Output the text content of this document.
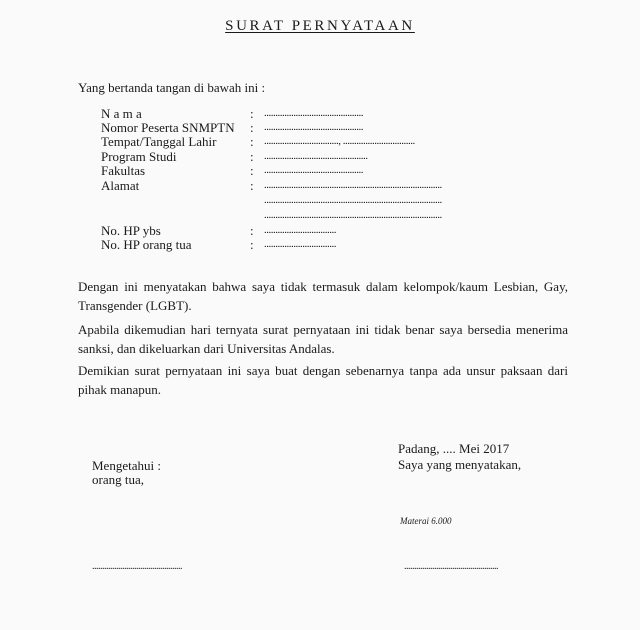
SURAT PERNYATAAN
Yang bertanda tangan di bawah ini :
N a m a	: ............................................
Nomor Peserta SNMPTN : ............................................
Tempat/Tanggal Lahir	: ................................., ................................
Program Studi	: ..............................................
Fakultas	: ............................................
Alamat	: ...............................................................................
...............................................................................
...............................................................................
No. HP ybs	: ................................
No. HP orang tua	: ................................
Dengan ini menyatakan bahwa saya tidak termasuk dalam kelompok/kaum Lesbian, Gay, Transgender (LGBT).
Apabila dikemudian hari ternyata surat pernyataan ini tidak benar saya bersedia menerima sanksi, dan dikeluarkan dari Universitas Andalas.
Demikian surat pernyataan ini saya buat dengan sebenarnya tanpa ada unsur paksaan dari pihak manapun.
Padang, .... Mei 2017
Saya yang menyatakan,
Mengetahui :
orang tua,
Materai 6.000
.............................................	...............................................
